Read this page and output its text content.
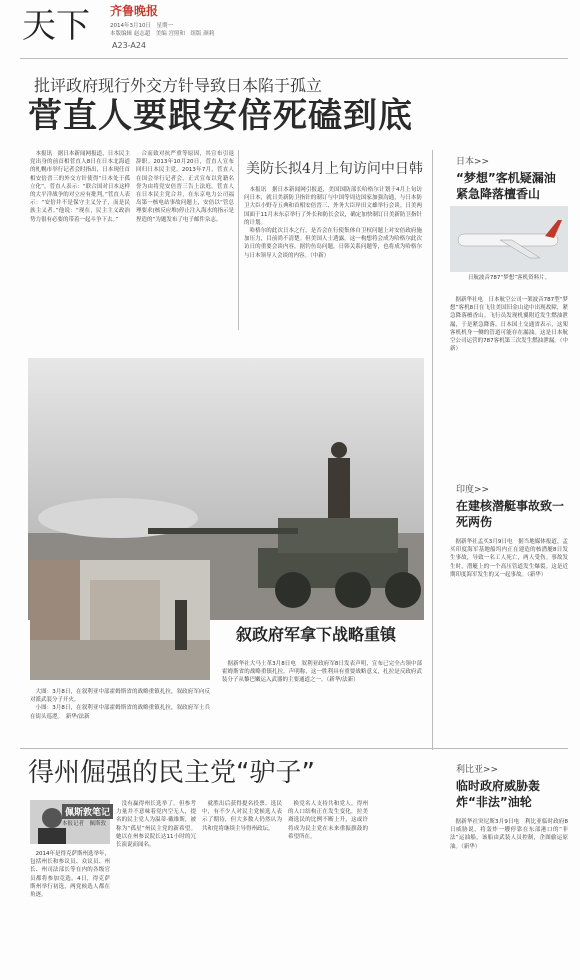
天下 齐鲁晚报
2014年3月10日　星期一
本版编辑 赵志超　美编 宫照和　组版 颜莉
A23-A24
批评政府现行外交方针导致日本陷于孤立
菅直人要跟安倍死磕到底

本报讯　据日本新闻网报道，日本民主党出身的前首相菅直人8日在日本北海道的札幌市举行记者会时指出，日本现任首相安倍晋三的外交方针使得“日本处于孤立化”。菅直人表示：“联合国对日本这样的大平洋战争的对立应有批判。”菅直人表示：“安倍并不是保守主义分子，而是民族主义者。”他说：“现在，民主主义政治势力很有必要的带着一起斗争下去。”

合而致对抗严重等原因，其宣布引退辞职。2013年10月20日，菅直人宣布回归日本民主党。2013年7月，菅直人在国会举行记者会，正式宣布以党籍名誉为由将党安倍晋三告上法庭。菅直人在日本民主党合并，在东京电力公司福岛第一核电站事故问题上，安倍以“管总理要求(核反应堆)停止注入海水的指示是捏造的”为题发布了电子邮件杂志。

美防长拟4月上旬访问中日韩

本报讯　据日本新闻网引报道，美国国防部长哈格尔计划于4月上旬访问日本，就日美新防卫指针的制订与中国等周边国家加强沟通，与日本防卫大臣小野寺五典和首相安倍晋三、外务大臣岸田文雄举行会谈。日美两国面于11月末东京举行了外长和防长会议，确定加快制订日美新防卫指针的计划。

哈格尔的此次日本之行，是否会在行使集体自卫权问题上对安倍政府施加压力，目前尚不清楚。但美国人士透露，这一构想将会成为哈格尔此次访日的重要会谈内容。据钓鱼岛问题，日韩关系问题等，也将成为哈格尔与日本领导人会谈的内容。（中新）

叙政府军拿下战略重镇

大图：3月8日，在叙利亚中部霍姆斯省的战略重镇扎拉，叙政府军向反对派武装分子开火。

小图：3月8日，在叙利亚中部霍姆斯省的战略重镇扎拉，叙政府军士兵在街头巡逻。　新华/法新

据新华社大马士革3月8日电　叙利亚政府军8日发表声明，宣布已完全占领中部霍姆斯省的战略重镇扎拉。声明称，这一胜利具有重要战略意义，扎拉是反政府武装分子从黎巴嫩运入武器的主要通道之一。（新华/法新）

日本>>
“梦想”客机疑漏油紧急降落檀香山
日航波音787“梦想”客机资料片。

据新华社电　日本航空公司一架波音787型“梦想”客机8日在飞往美国旧金山途中出现故障，紧急降落檀香山。飞行员发现机翼附近发生燃油泄漏，于是紧急降落。日本国土交通省表示，这架客机机身一侧的管道可能存在漏油。这是日本航空公司运营的787客机第三次发生燃油泄漏。（中新）

印度>>
在建核潜艇事故致一死两伤

据新华社孟买3月9日电　据当地媒体报道，孟买印度海军基地船坞内正在建造的核潜艇8日发生事故，导致一名工人死亡，两人受伤。事故发生时，潜艇上的一个高压管道发生爆裂。这是近期印度海军发生的又一起事故。（新华）

得州倔强的民主党“驴子”
佩斯敦笔记
本报记者　佩斯敦

2014年是得克萨斯州选举年，包括州长和参议员、众议员、州长、州司法部长等在内的各级官员都将参加竞选。4日，得克萨斯州举行初选，两党候选人都在角逐。

没有赢得州长选举了。但参考力量并不意味着党内空无人，提名的民主党人为温蒂·戴维斯，被称为“孤星”州民主党的新希望。她以在州参议院长达11小时的冗长演说而闻名。

就胜出后获得提名投票。选民中，有不少人对民主党候选人表示了期待，但大多数人仍然认为共和党将继续主导得州政坛。

换党名人支持共和党人。得州的人口结构正在发生变化，拉美裔选民的比例不断上升，这或许将成为民主党在未来重振旗鼓的希望所在。

利比亚>>
临时政府威胁轰炸“非法”油轮

据新华社突尼斯3月9日电　利比亚临时政府8日威胁说，将轰炸一艘停靠在东部港口的“非法”运油船，该船由武装人员控制，企图偷运原油。（新华）
